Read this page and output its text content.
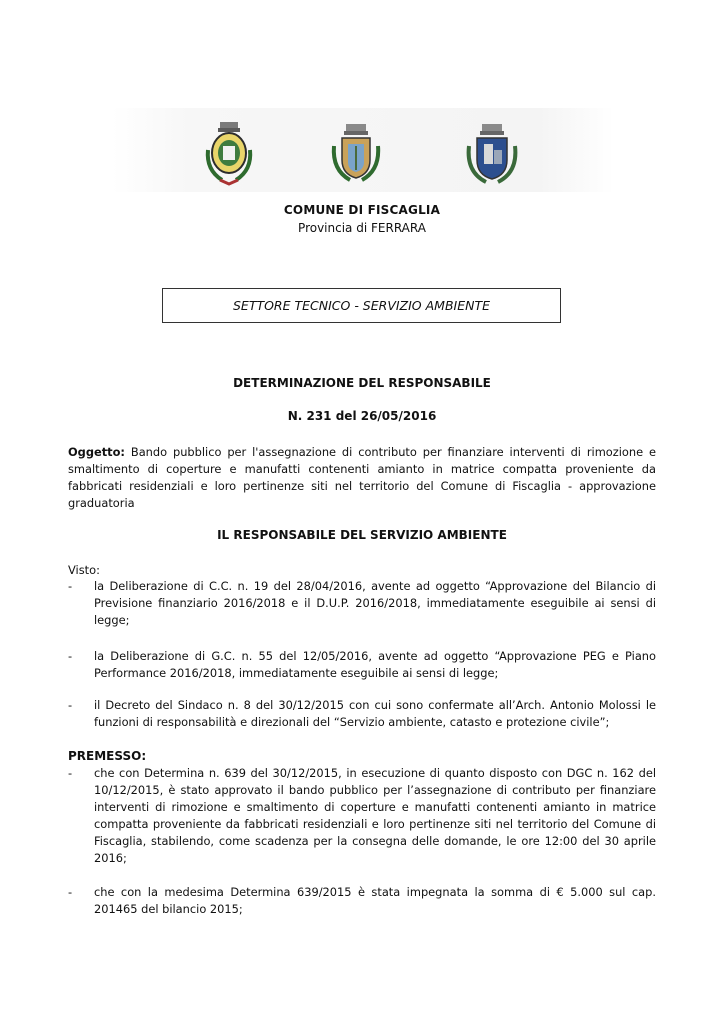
COMUNE DI FISCAGLIA
Provincia di FERRARA
SETTORE TECNICO - SERVIZIO AMBIENTE
DETERMINAZIONE DEL RESPONSABILE
N. 231 del 26/05/2016
Oggetto: Bando pubblico per l'assegnazione di contributo per finanziare interventi di rimozione e smaltimento di coperture e manufatti contenenti amianto in matrice compatta proveniente da fabbricati residenziali e loro pertinenze siti nel territorio del Comune di Fiscaglia - approvazione graduatoria
IL RESPONSABILE DEL SERVIZIO AMBIENTE
Visto:
- la Deliberazione di C.C. n. 19 del 28/04/2016, avente ad oggetto “Approvazione del Bilancio di Previsione finanziario 2016/2018 e il D.U.P. 2016/2018, immediatamente eseguibile ai sensi di legge;
- la Deliberazione di G.C. n. 55 del 12/05/2016, avente ad oggetto “Approvazione PEG e Piano Performance 2016/2018, immediatamente eseguibile ai sensi di legge;
- il Decreto del Sindaco n. 8 del 30/12/2015 con cui sono confermate all’Arch. Antonio Molossi le funzioni di responsabilità e direzionali del “Servizio ambiente, catasto e protezione civile”;
PREMESSO:
- che con Determina n. 639 del 30/12/2015, in esecuzione di quanto disposto con DGC n. 162 del 10/12/2015, è stato approvato il bando pubblico per l’assegnazione di contributo per finanziare interventi di rimozione e smaltimento di coperture e manufatti contenenti amianto in matrice compatta proveniente da fabbricati residenziali e loro pertinenze siti nel territorio del Comune di Fiscaglia, stabilendo, come scadenza per la consegna delle domande, le ore 12:00 del 30 aprile 2016;
- che con la medesima Determina 639/2015 è stata impegnata la somma di € 5.000 sul cap. 201465 del bilancio 2015;
